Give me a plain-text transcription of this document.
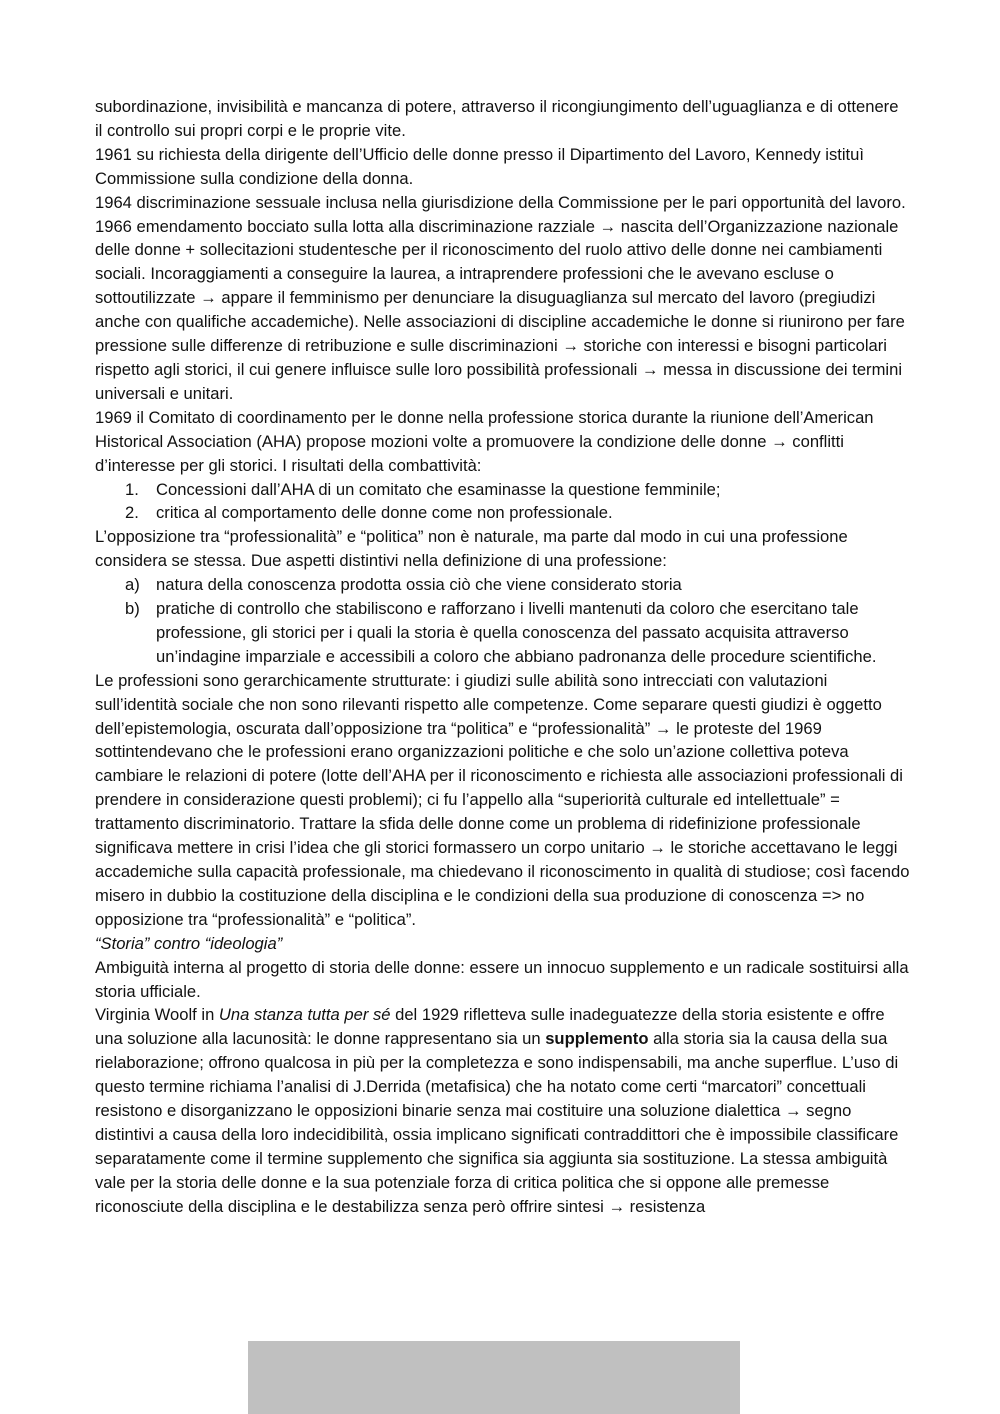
subordinazione, invisibilità e mancanza di potere, attraverso il ricongiungimento dell’uguaglianza e di ottenere il controllo sui propri corpi e le proprie vite.

1961 su richiesta della dirigente dell’Ufficio delle donne presso il Dipartimento del Lavoro, Kennedy istituì Commissione sulla condizione della donna.

1964 discriminazione sessuale inclusa nella giurisdizione della Commissione per le pari opportunità del lavoro.

1966 emendamento bocciato sulla lotta alla discriminazione razziale → nascita dell’Organizzazione nazionale delle donne + sollecitazioni studentesche per il riconoscimento del ruolo attivo delle donne nei cambiamenti sociali. Incoraggiamenti a conseguire la laurea, a intraprendere professioni che le avevano escluse o sottoutilizzate → appare il femminismo per denunciare la disuguaglianza sul mercato del lavoro (pregiudizi anche con qualifiche accademiche). Nelle associazioni di discipline accademiche le donne si riunirono per fare pressione sulle differenze di retribuzione e sulle discriminazioni → storiche con interessi e bisogni particolari rispetto agli storici, il cui genere influisce sulle loro possibilità professionali → messa in discussione dei termini universali e unitari.

1969 il Comitato di coordinamento per le donne nella professione storica durante la riunione dell’American Historical Association (AHA) propose mozioni volte a promuovere la condizione delle donne → conflitti d’interesse per gli storici. I risultati della combattività:

1. Concessioni dall’AHA di un comitato che esaminasse la questione femminile;
2. critica al comportamento delle donne come non professionale.

L’opposizione tra “professionalità” e “politica” non è naturale, ma parte dal modo in cui una professione considera se stessa. Due aspetti distintivi nella definizione di una professione:

a) natura della conoscenza prodotta ossia ciò che viene considerato storia
b) pratiche di controllo che stabiliscono e rafforzano i livelli mantenuti da coloro che esercitano tale professione, gli storici per i quali la storia è quella conoscenza del passato acquisita attraverso un’indagine imparziale e accessibili a coloro che abbiano padronanza delle procedure scientifiche.

Le professioni sono gerarchicamente strutturate: i giudizi sulle abilità sono intrecciati con valutazioni sull’identità sociale che non sono rilevanti rispetto alle competenze. Come separare questi giudizi è oggetto dell’epistemologia, oscurata dall’opposizione tra “politica” e “professionalità” → le proteste del 1969 sottintendevano che le professioni erano organizzazioni politiche e che solo un’azione collettiva poteva cambiare le relazioni di potere (lotte dell’AHA per il riconoscimento e richiesta alle associazioni professionali di prendere in considerazione questi problemi); ci fu l’appello alla “superiorità culturale ed intellettuale” = trattamento discriminatorio. Trattare la sfida delle donne come un problema di ridefinizione professionale significava mettere in crisi l’idea che gli storici formassero un corpo unitario → le storiche accettavano le leggi accademiche sulla capacità professionale, ma chiedevano il riconoscimento in qualità di studiose; così facendo misero in dubbio la costituzione della disciplina e le condizioni della sua produzione di conoscenza => no opposizione tra “professionalità” e “politica”.

“Storia” contro “ideologia”

Ambiguità interna al progetto di storia delle donne: essere un innocuo supplemento e un radicale sostituirsi alla storia ufficiale.

Virginia Woolf in Una stanza tutta per sé del 1929 rifletteva sulle inadeguatezze della storia esistente e offre una soluzione alla lacunosità: le donne rappresentano sia un supplemento alla storia sia la causa della sua rielaborazione; offrono qualcosa in più per la completezza e sono indispensabili, ma anche superflue. L’uso di questo termine richiama l’analisi di J.Derrida (metafisica) che ha notato come certi “marcatori” concettuali resistono e disorganizzano le opposizioni binarie senza mai costituire una soluzione dialettica → segno distintivi a causa della loro indecidibilità, ossia implicano significati contraddittori che è impossibile classificare separatamente come il termine supplemento che significa sia aggiunta sia sostituzione. La stessa ambiguità vale per la storia delle donne e la sua potenziale forza di critica politica che si oppone alle premesse riconosciute della disciplina e le destabilizza senza però offrire sintesi → resistenza
